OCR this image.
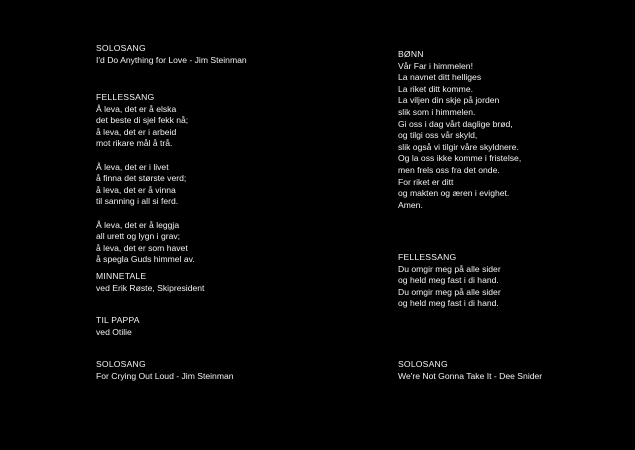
SOLOSANG
I'd Do Anything for Love - Jim Steinman
FELLESSANG
Å leva, det er å elska
det beste di sjel fekk nå;
å leva, det er i arbeid
mot rikare mål å trå.
Å leva, det er i livet
å finna det største verd;
å leva, det er å vinna
til sanning i all si ferd.
Å leva, det er å leggja
all urett og lygn i grav;
å leva, det er som havet
å spegla Guds himmel av.
MINNETALE
ved Erik Røste, Skipresident
TIL PAPPA
ved Otilie
SOLOSANG
For Crying Out Loud - Jim Steinman
BØNN
Vår Far i himmelen!
La navnet ditt helliges
La riket ditt komme.
La viljen din skje på jorden
slik som i himmelen.
Gi oss i dag vårt daglige brød,
og tilgi oss vår skyld,
slik også vi tilgir våre skyldnere.
Og la oss ikke komme i fristelse,
men frels oss fra det onde.
For riket er ditt
og makten og æren i evighet.
Amen.
FELLESSANG
Du omgir meg på alle sider
og held meg fast i di hand.
Du omgir meg på alle sider
og held meg fast i di hand.
SOLOSANG
We're Not Gonna Take It - Dee Snider
